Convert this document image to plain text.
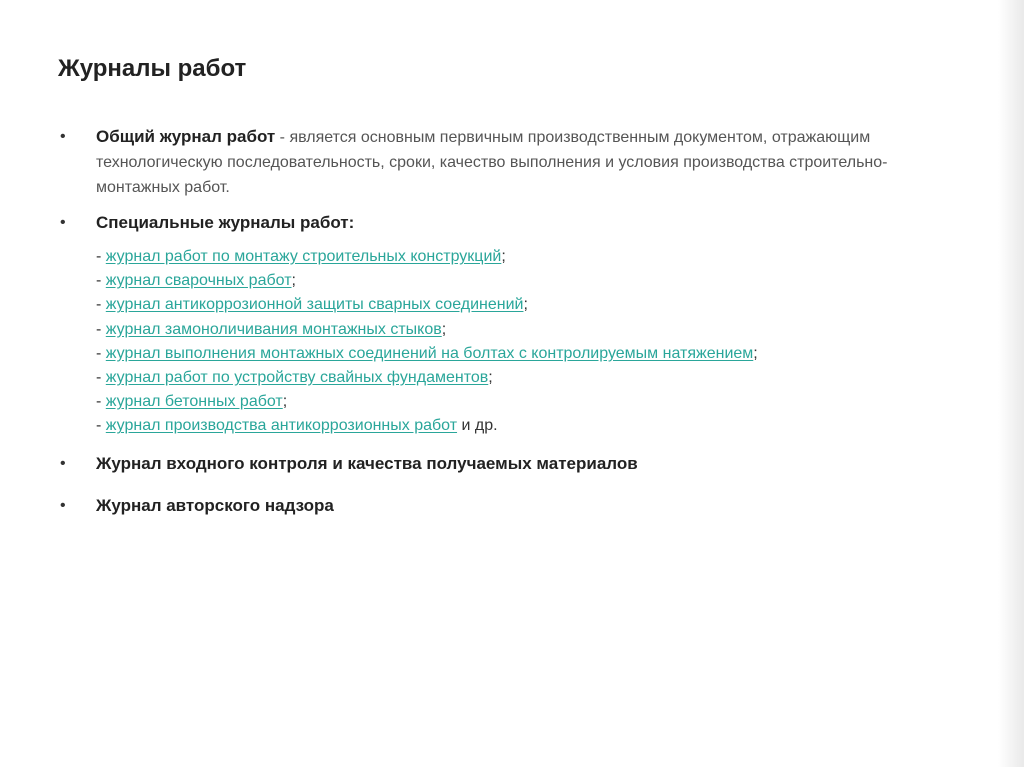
Журналы работ
• Общий журнал работ - является основным первичным производственным документом, отражающим технологическую последовательность, сроки, качество выполнения и условия производства строительно-монтажных работ.
• Специальные журналы работ:
- журнал работ по монтажу строительных конструкций;
- журнал сварочных работ;
- журнал антикоррозионной защиты сварных соединений;
- журнал замоноличивания монтажных стыков;
- журнал выполнения монтажных соединений на болтах с контролируемым натяжением;
- журнал работ по устройству свайных фундаментов;
- журнал бетонных работ;
- журнал производства антикоррозионных работ и др.
• Журнал входного контроля и качества получаемых материалов
• Журнал авторского надзора
